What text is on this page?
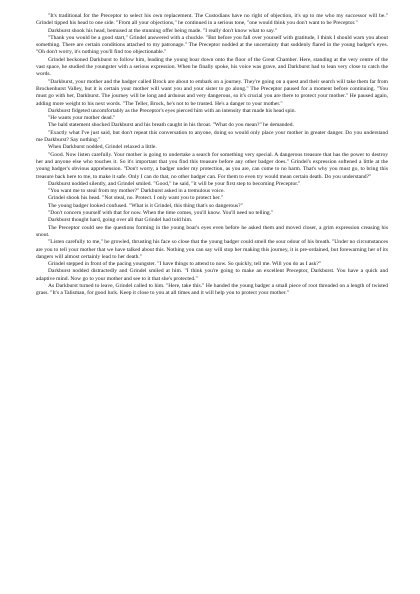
"It's traditional for the Preceptor to select his own replacement. The Custodians have no right of objection, it's up to me who my successor will be." Grindel tipped his head to one side. "From all your objections," he continued in a serious tone, "one would think you don't want to be Preceptor."

Darkburst shook his head, bemused at the stunning offer being made. "I really don't know what to say."

"Thank you would be a good start," Grindel answered with a chuckle. "But before you fall over yourself with gratitude, I think I should warn you about something. There are certain conditions attached to my patronage." The Preceptor nodded at the uncertainty that suddenly flared in the young badger's eyes. "Oh don't worry, it's nothing you'll find too objectionable."

Grindel beckoned Darkburst to follow him, leading the young boar down onto the floor of the Great Chamber. Here, standing at the very centre of the vast space, he studied the youngster with a serious expression. When he finally spoke, his voice was grave, and Darkburst had to lean very close to catch the words.

"Darkburst, your mother and the badger called Brock are about to embark on a journey. They're going on a quest and their search will take them far from Brockenhurst Valley, but it is certain your mother will want you and your sister to go along." The Preceptor paused for a moment before continuing. "You must go with her, Darkburst. The journey will be long and arduous and very dangerous, so it's crucial you are there to protect your mother." He paused again, adding more weight to his next words. "The Teller, Brock, he's not to be trusted. He's a danger to your mother."

Darkburst fidgeted uncomfortably as the Preceptor's eyes pierced him with an intensity that made his head spin.

"He wants your mother dead."

The bald statement shocked Darkburst and his breath caught in his throat. "What do you mean?" he demanded.

"Exactly what I've just said, but don't repeat this conversation to anyone, doing so would only place your mother in greater danger. Do you understand me Darkburst? Say nothing."

When Darkburst nodded, Grindel relaxed a little.

"Good. Now listen carefully. Your mother is going to undertake a search for something very special. A dangerous treasure that has the power to destroy her and anyone else who touches it. So it's important that you find this treasure before any other badger does." Grindel's expression softened a little at the young badger's obvious apprehension. "Don't worry, a badger under my protection, as you are, can come to no harm. That's why you must go, to bring this treasure back here to me, to make it safe. Only I can do that, no other badger can. For them to even try would mean certain death. Do you understand?"

Darkburst nodded silently, and Grindel smiled. "Good," he said, "it will be your first step to becoming Preceptor."

"You want me to steal from my mother?" Darkburst asked in a tremulous voice.

Grindel shook his head. "Not steal, no. Protect. I only want you to protect her."

The young badger looked confused. "What is it Grindel, this thing that's so dangerous?"

"Don't concern yourself with that for now. When the time comes, you'll know. You'll need no telling."

Darkburst thought hard, going over all that Grindel had told him.

The Preceptor could see the questions forming in the young boar's eyes even before he asked them and moved closer, a grim expression creasing his snout.

"Listen carefully to me," he growled, thrusting his face so close that the young badger could smell the sour odour of his breath. "Under no circumstances are you to tell your mother that we have talked about this. Nothing you can say will stop her making this journey, it is pre-ordained, but forewarning her of its dangers will almost certainly lead to her death."

Grindel stepped in front of the pacing youngster. "I have things to attend to now. So quickly, tell me. Will you do as I ask?"

Darkburst nodded distractedly and Grindel smiled at him. "I think you're going to make an excellent Preceptor, Darkburst. You have a quick and adaptive mind. Now go to your mother and see to it that she's protected."

As Darkburst turned to leave, Grindel called to him. "Here, take this." He handed the young badger a small piece of root threaded on a length of twisted grass. "It's a Talisman, for good luck. Keep it close to you at all times and it will help you to protect your mother."
